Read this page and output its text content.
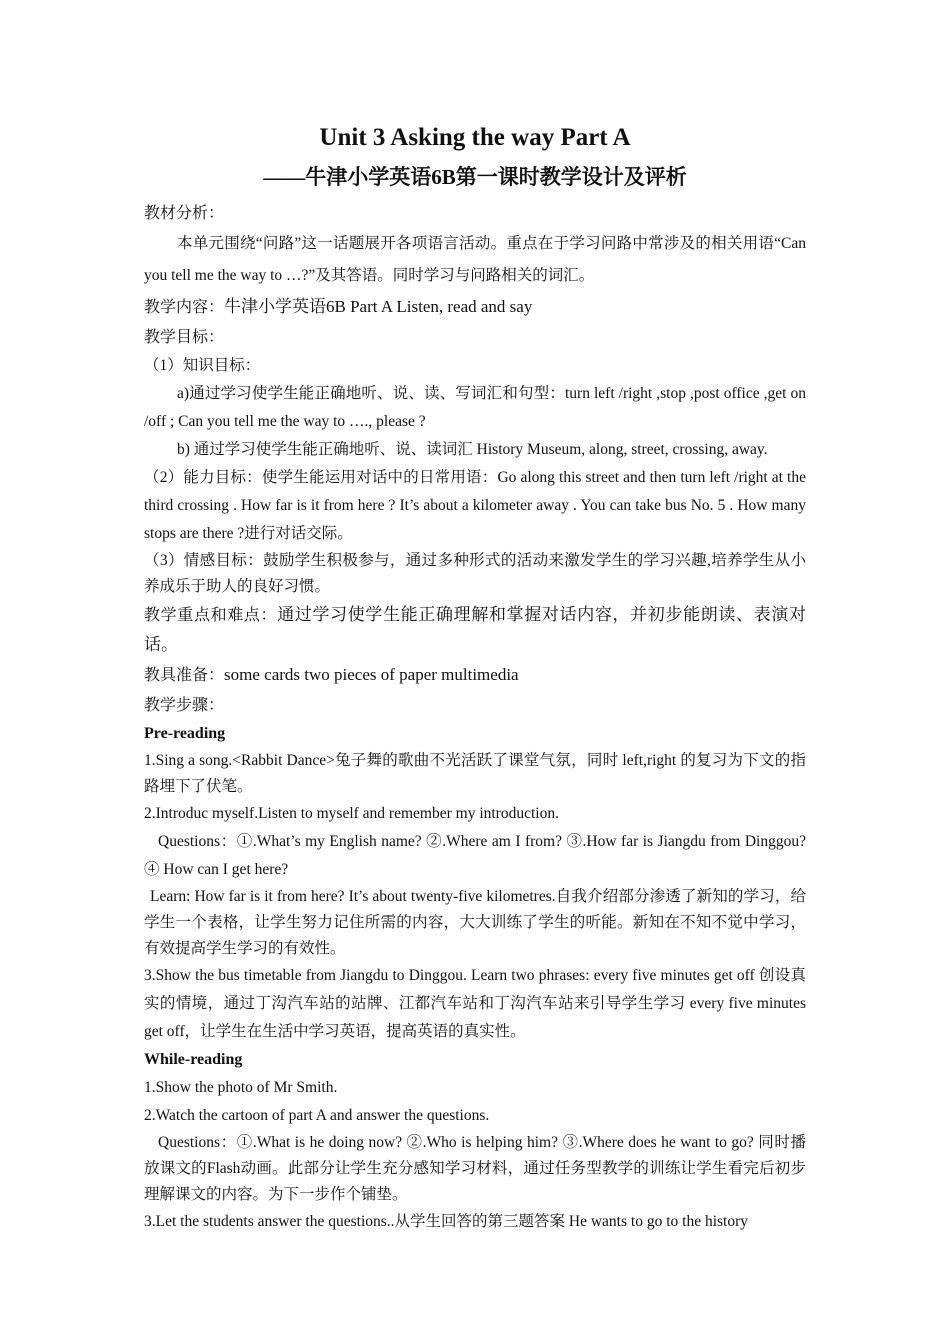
Unit 3 Asking the way Part A
——牛津小学英语6B第一课时教学设计及评析

教材分析：

本单元围绕“问路”这一话题展开各项语言活动。重点在于学习问路中常涉及的相关用语“Can you tell me the way to …?”及其答语。同时学习与问路相关的词汇。

教学内容：牛津小学英语6B Part A Listen, read and say

教学目标：

（1）知识目标：

a)通过学习使学生能正确地听、说、读、写词汇和句型：turn left /right ,stop ,post office ,get on /off ; Can you tell me the way to …., please ?

b) 通过学习使学生能正确地听、说、读词汇 History Museum, along, street, crossing, away.

（2）能力目标：使学生能运用对话中的日常用语：Go along this street and then turn left /right at the third crossing . How far is it from here ? It’s about a kilometer away . You can take bus No. 5 . How many stops are there ?进行对话交际。

（3）情感目标：鼓励学生积极参与，通过多种形式的活动来激发学生的学习兴趣,培养学生从小养成乐于助人的良好习惯。

教学重点和难点：通过学习使学生能正确理解和掌握对话内容，并初步能朗读、表演对话。

教具准备：some cards two pieces of paper multimedia

教学步骤：

Pre-reading

1.Sing a song.<Rabbit Dance>兔子舞的歌曲不光活跃了课堂气氛，同时 left,right 的复习为下文的指路埋下了伏笔。

2.Introduc myself.Listen to myself and remember my introduction.

Questions：①.What’s my English name? ②.Where am I from? ③.How far is Jiangdu from Dinggou? ④ How can I get here?

Learn: How far is it from here? It’s about twenty-five kilometres.自我介绍部分渗透了新知的学习，给学生一个表格，让学生努力记住所需的内容，大大训练了学生的听能。新知在不知不觉中学习，有效提高学生学习的有效性。

3.Show the bus timetable from Jiangdu to Dinggou. Learn two phrases: every five minutes get off 创设真实的情境，通过丁沟汽车站的站牌、江都汽车站和丁沟汽车站来引导学生学习 every five minutes get off，让学生在生活中学习英语，提高英语的真实性。

While-reading

1.Show the photo of Mr Smith.

2.Watch the cartoon of part A and answer the questions.

Questions：①.What is he doing now? ②.Who is helping him? ③.Where does he want to go? 同时播放课文的Flash动画。此部分让学生充分感知学习材料，通过任务型教学的训练让学生看完后初步理解课文的内容。为下一步作个铺垫。

3.Let the students answer the questions..从学生回答的第三题答案 He wants to go to the history
